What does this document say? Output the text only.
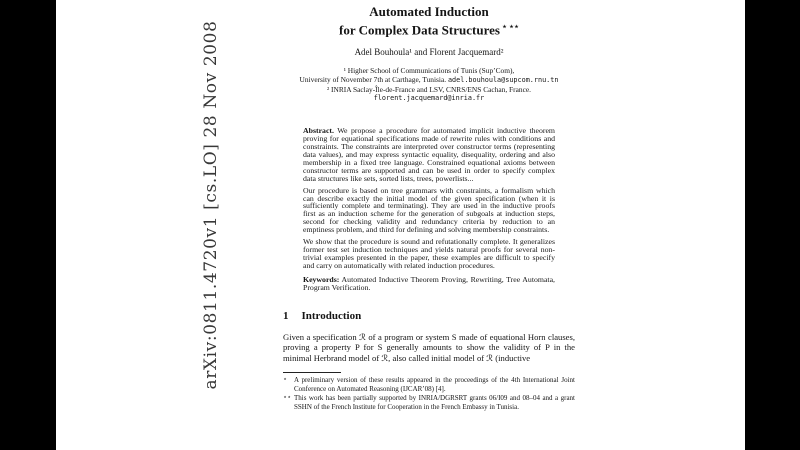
arXiv:0811.4720v1 [cs.LO] 28 Nov 2008
Automated Induction
for Complex Data Structures ⋆ ⋆⋆
Adel Bouhoula¹ and Florent Jacquemard²
¹ Higher School of Communications of Tunis (Sup’Com),
University of November 7th at Carthage, Tunisia. adel.bouhoula@supcom.rnu.tn
² INRIA Saclay-Île-de-France and LSV, CNRS/ENS Cachan, France.
florent.jacquemard@inria.fr

Abstract. We propose a procedure for automated implicit inductive theorem proving for equational specifications made of rewrite rules with conditions and constraints. The constraints are interpreted over constructor terms (representing data values), and may express syntactic equality, disequality, ordering and also membership in a fixed tree language. Constrained equational axioms between constructor terms are supported and can be used in order to specify complex data structures like sets, sorted lists, trees, powerlists...

Our procedure is based on tree grammars with constraints, a formalism which can describe exactly the initial model of the given specification (when it is sufficiently complete and terminating). They are used in the inductive proofs first as an induction scheme for the generation of subgoals at induction steps, second for checking validity and redundancy criteria by reduction to an emptiness problem, and third for defining and solving membership constraints.

We show that the procedure is sound and refutationally complete. It generalizes former test set induction techniques and yields natural proofs for several non-trivial examples presented in the paper, these examples are difficult to specify and carry on automatically with related induction procedures.

Keywords: Automated Inductive Theorem Proving, Rewriting, Tree Automata, Program Verification.

1 Introduction
Given a specification ℛ of a program or system S made of equational Horn clauses, proving a property P for S generally amounts to show the validity of P in the minimal Herbrand model of ℛ, also called initial model of ℛ (inductive
⋆ A preliminary version of these results appeared in the proceedings of the 4th International Joint Conference on Automated Reasoning (IJCAR’08) [4].
⋆⋆ This work has been partially supported by INRIA/DGRSRT grants 06/I09 and 08–04 and a grant SSHN of the French Institute for Cooperation in the French Embassy in Tunisia.
